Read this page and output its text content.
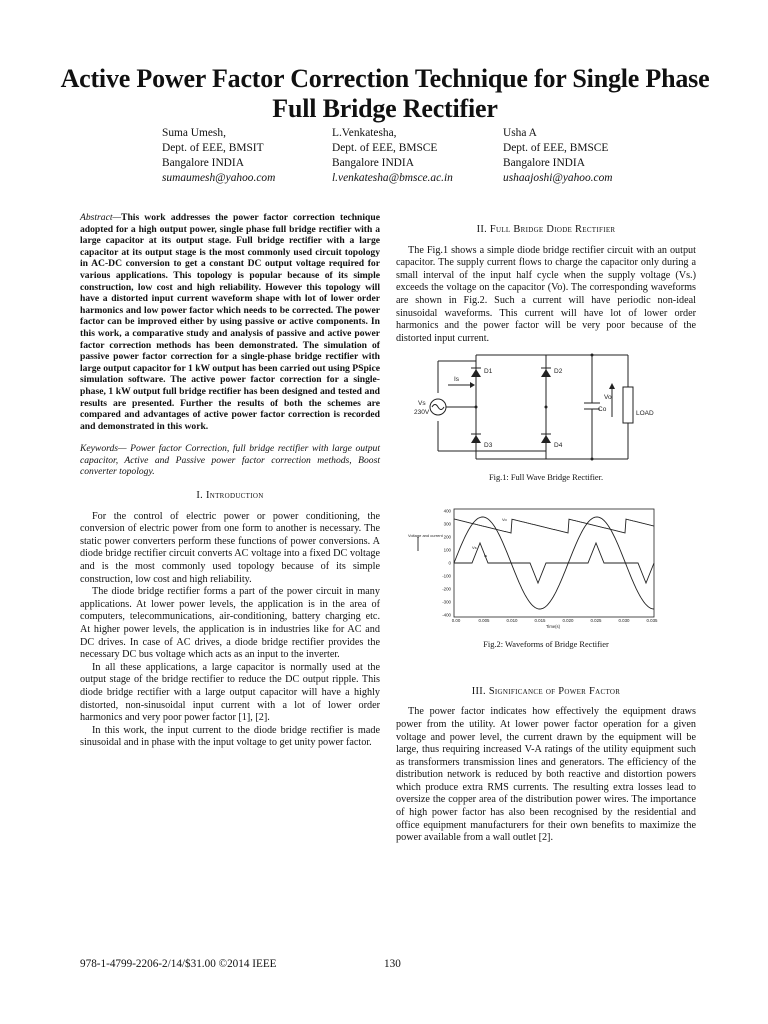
Active Power Factor Correction Technique for Single Phase Full Bridge Rectifier
Suma Umesh,
Dept. of EEE, BMSIT
Bangalore INDIA
sumaumesh@yahoo.com
L.Venkatesha,
Dept. of EEE, BMSCE
Bangalore INDIA
l.venkatesha@bmsce.ac.in
Usha A
Dept. of EEE, BMSCE
Bangalore INDIA
ushaajoshi@yahoo.com

Abstract—This work addresses the power factor correction technique adopted for a high output power, single phase full bridge rectifier with a large capacitor at its output stage. Full bridge rectifier with a large capacitor at its output stage is the most commonly used circuit topology in AC-DC conversion to get a constant DC output voltage required for various applications. This topology is popular because of its simple construction, low cost and high reliability. However this topology will have a distorted input current waveform shape with lot of lower order harmonics and low power factor which needs to be corrected. The power factor can be improved either by using passive or active components. In this work, a comparative study and analysis of passive and active power factor correction methods has been demonstrated. The simulation of passive power factor correction for a single-phase bridge rectifier with large output capacitor for 1 kW output has been carried out using PSpice simulation software. The active power factor correction for a single-phase, 1 kW output full bridge rectifier has been designed and tested and results are presented. Further the results of both the schemes are compared and advantages of active power factor correction is recorded and demonstrated in this work.

Keywords— Power factor Correction, full bridge rectifier with large output capacitor, Active and Passive power factor correction methods, Boost converter topology.

I. Introduction

For the control of electric power or power conditioning, the conversion of electric power from one form to another is necessary. The static power converters perform these functions of power conversions. A diode bridge rectifier circuit converts AC voltage into a fixed DC voltage and is the most commonly used topology because of its simple construction, low cost and high reliability.

The diode bridge rectifier forms a part of the power circuit in many applications. At lower power levels, the application is in the area of computers, telecommunications, air-conditioning, battery charging etc. At higher power levels, the application is in industries like for AC and DC drives. In case of AC drives, a diode bridge rectifier provides the necessary DC bus voltage which acts as an input to the inverter.

In all these applications, a large capacitor is normally used at the output stage of the bridge rectifier to reduce the DC output ripple. This diode bridge rectifier with a large output capacitor will have a highly distorted, non-sinusoidal input current with a lot of lower order harmonics and very poor power factor [1], [2].

In this work, the input current to the diode bridge rectifier is made sinusoidal and in phase with the input voltage to get unity power factor.

II. Full Bridge Diode Rectifier

The Fig.1 shows a simple diode bridge rectifier circuit with an output capacitor. The supply current flows to charge the capacitor only during a small interval of the input half cycle when the supply voltage (Vs.) exceeds the voltage on the capacitor (Vo). The corresponding waveforms are shown in Fig.2. Such a current will have periodic non-ideal sinusoidal waveforms. This current will have lot of lower order harmonics and the power factor will be very poor because of the distorted input current.

D1	D2
D3	D4
Is
Vs
230V	Co
Vo
LOAD
Fig.1: Full Wave Bridge Rectifier.
400
300
200
100
0
-100
-200
-300
-400
0.00	0.005	0.010	0.015	0.020	0.025	0.030	0.035
Voltage and current
Time(s)
Vs
Vo
Is
Fig.2: Waveforms of Bridge Rectifier
III. Significance of Power Factor

The power factor indicates how effectively the equipment draws power from the utility. At lower power factor operation for a given voltage and power level, the current drawn by the equipment will be large, thus requiring increased V-A ratings of the utility equipment such as transformers transmission lines and generators. The efficiency of the distribution network is reduced by both reactive and distortion powers which produce extra RMS currents. The resulting extra losses lead to oversize the copper area of the distribution power wires. The importance of high power factor has also been recognised by the residential and office equipment manufacturers for their own benefits to maximize the power available from a wall outlet [2].

978-1-4799-2206-2/14/$31.00 ©2014 IEEE	130
